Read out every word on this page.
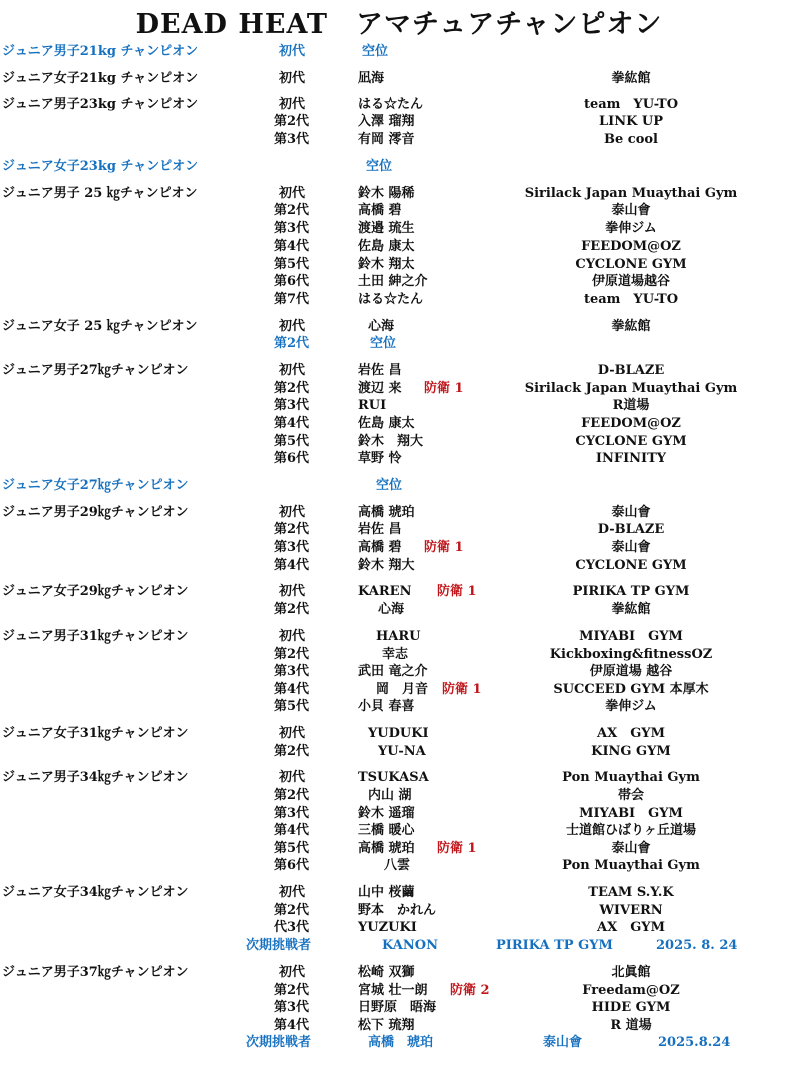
DEAD HEAT　アマチュアチャンピオン
ジュニア男子21kg チャンピオン	初代	空位
ジュニア女子21kg チャンピオン	初代	凪海	拳紘館
ジュニア男子23kg チャンピオン	初代	はる☆たん	team　YU-TO
第2代	入澤 瑠翔	LINK UP
第3代	有岡 澪音	Be cool
ジュニア女子23kg チャンピオン	空位
ジュニア男子 25 ㎏チャンピオン	初代	鈴木 陽稀	Sirilack Japan Muaythai Gym
第2代	高橋 碧	泰山會
第3代	渡邉 琉生	拳伸ジム
第4代	佐島 康太	FEEDOM@OZ
第5代	鈴木 翔太	CYCLONE GYM
第6代	土田 紳之介	伊原道場越谷
第7代	はる☆たん	team　YU-TO
ジュニア女子 25 ㎏チャンピオン	初代	心海	拳紘館
第2代	空位
ジュニア男子27㎏チャンピオン	初代	岩佐 昌	D-BLAZE
第2代	渡辺 来 防衛 1	Sirilack Japan Muaythai Gym
第3代	RUI	R道場
第4代	佐島 康太	FEEDOM@OZ
第5代	鈴木　翔大	CYCLONE GYM
第6代	草野 怜	INFINITY
ジュニア女子27㎏チャンピオン	空位
ジュニア男子29㎏チャンピオン	初代	高橋 琥珀	泰山會
第2代	岩佐 昌	D-BLAZE
第3代	高橋 碧 防衛 1	泰山會
第4代	鈴木 翔大	CYCLONE GYM
ジュニア女子29㎏チャンピオン	初代	KAREN 防衛 1	PIRIKA TP GYM
第2代	心海	拳紘館
ジュニア男子31㎏チャンピオン	初代	HARU	MIYABI　GYM
第2代	幸志	Kickboxing&fitnessOZ
第3代	武田 竜之介	伊原道場 越谷
第4代	岡　月音 防衛 1	SUCCEED GYM 本厚木
第5代	小貝 春喜	拳伸ジム
ジュニア女子31㎏チャンピオン	初代	YUDUKI	AX　GYM
第2代	YU-NA	KING GYM
ジュニア男子34㎏チャンピオン	初代	TSUKASA	Pon Muaythai Gym
第2代	内山 湖	帯会
第3代	鈴木 遥瑠	MIYABI　GYM
第4代	三橋 暖心	士道館ひばりヶ丘道場
第5代	高橋 琥珀 防衛 1	泰山會
第6代	八雲	Pon Muaythai Gym
ジュニア女子34㎏チャンピオン	初代	山中 桜繭	TEAM S.Y.K
第2代	野本　かれん	WIVERN
代3代	YUZUKI	AX　GYM
次期挑戦者	KANON	PIRIKA TP GYM	2025. 8. 24
ジュニア男子37㎏チャンピオン	初代	松崎 双獅	北眞館
第2代	宮城 壮一朗 防衛 2	Freedam@OZ
第3代	日野原　晤海	HIDE GYM
第4代	松下 琉翔	R 道場
次期挑戦者	高橋　琥珀	泰山會	2025.8.24
